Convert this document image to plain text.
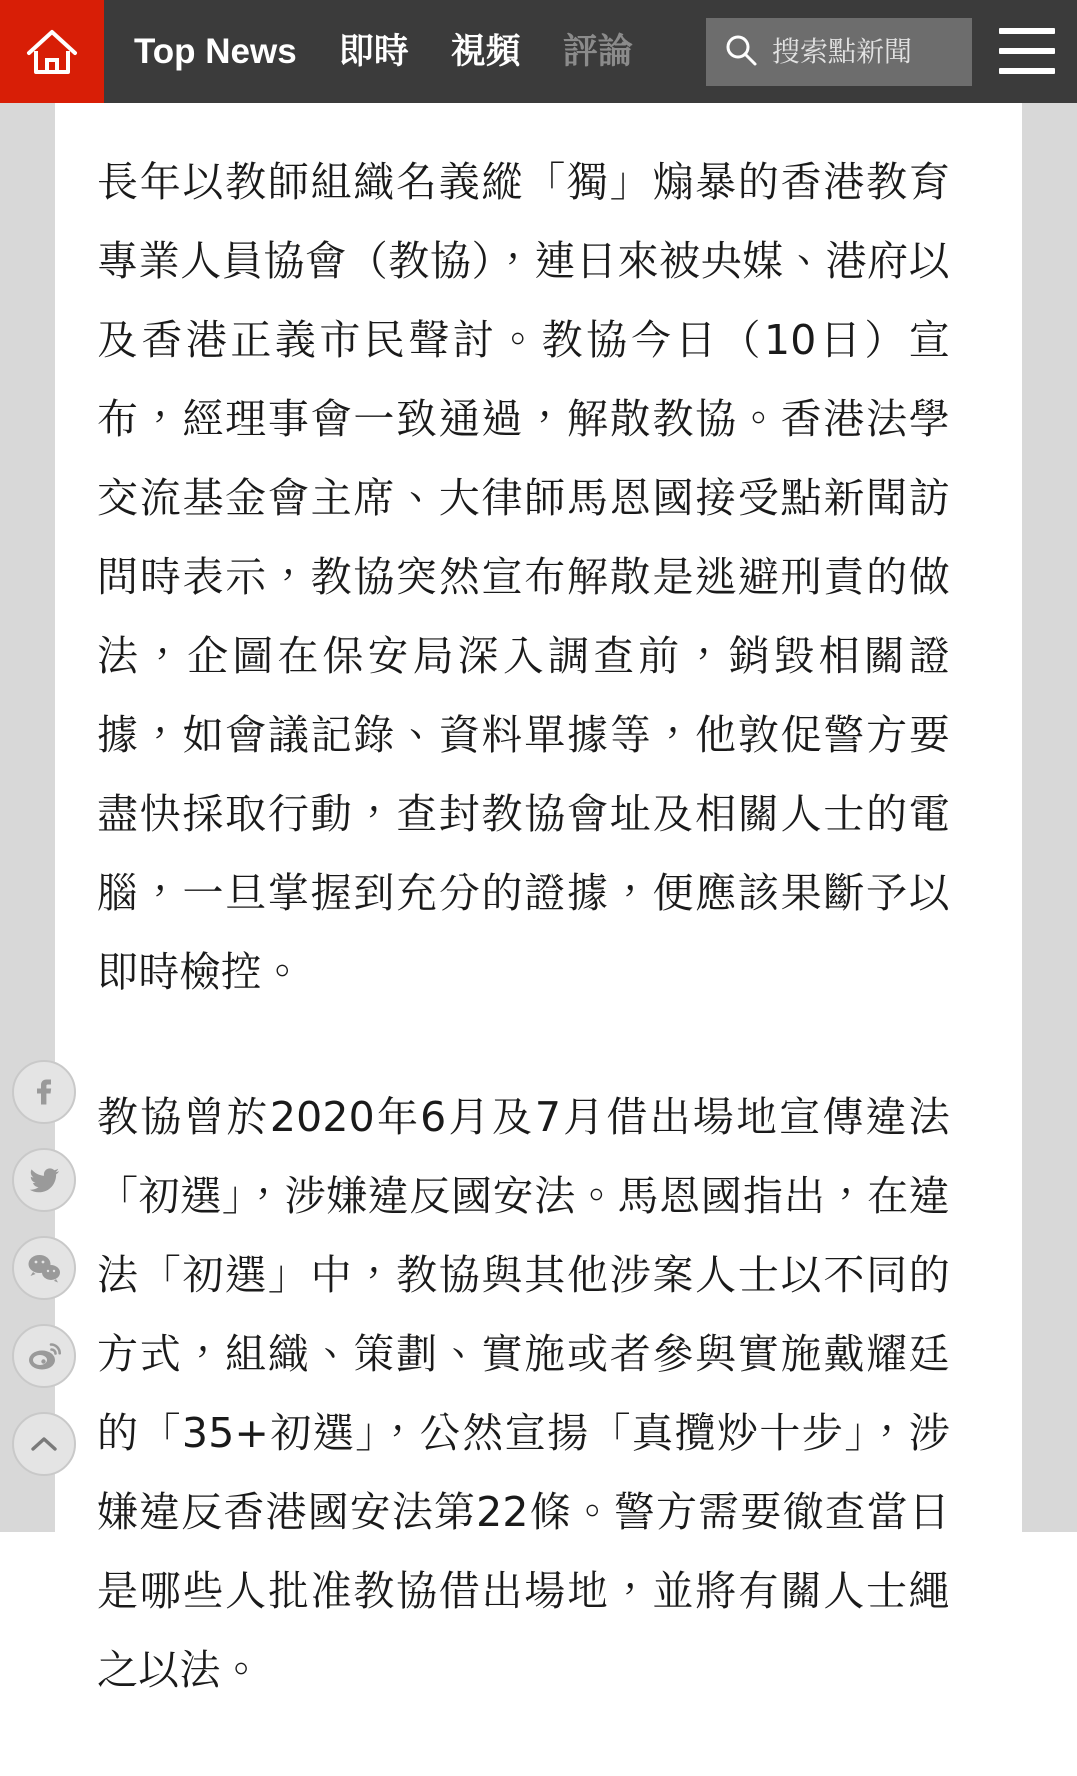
Top News 即時 視頻 評論
搜索點新聞

長年以教師組織名義縱「獨」煽暴的香港教育專業人員協會（教協），連日來被央媒、港府以及香港正義市民聲討。教協今日（10日）宣布，經理事會一致通過，解散教協。香港法學交流基金會主席、大律師馬恩國接受點新聞訪問時表示，教協突然宣布解散是逃避刑責的做法，企圖在保安局深入調查前，銷毀相關證據，如會議記錄、資料單據等，他敦促警方要盡快採取行動，查封教協會址及相關人士的電腦，一旦掌握到充分的證據，便應該果斷予以即時檢控。

教協曾於2020年6月及7月借出場地宣傳違法「初選」，涉嫌違反國安法。馬恩國指出，在違法「初選」中，教協與其他涉案人士以不同的方式，組織、策劃、實施或者參與實施戴耀廷的「35+初選」，公然宣揚「真攬炒十步」，涉嫌違反香港國安法第22條。警方需要徹查當日是哪些人批准教協借出場地，並將有關人士繩之以法。
